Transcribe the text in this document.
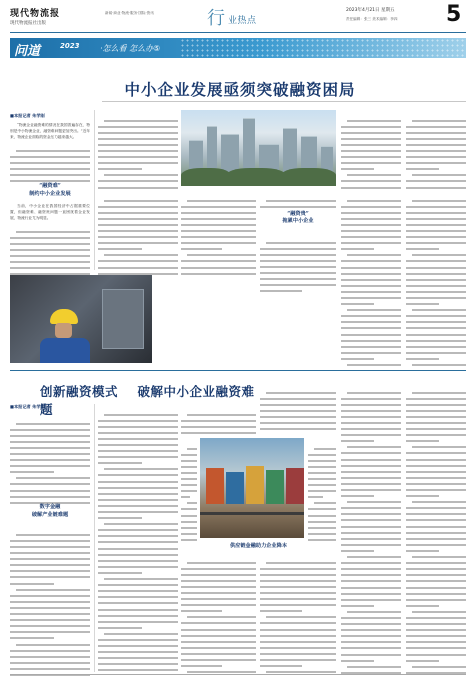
现代物流报
现代物流报社出版
新闻·商业·物流·服务·国际·资讯	行 业热点
2023年4月21日 星期五
责任编辑：张三 美术编辑：李四	5
问道	2023	·怎么看 怎么办⑤
中小企业发展亟须突破融资困局
■本报记者 朱学刚

“物流企业融资难的情况在我国普遍存在，特别是中小物流企业，融资难问题更加突出。”近年来，物流企业面临的资金压力越来越大。

“融资难”
制约中小企业发展

当前，中小企业在我国经济中占据重要位置，但融资难、融资贵问题一直困扰着企业发展，物流行业尤为明显。

“融资贵”
拖累中小企业
创新融资模式 破解中小企业融资难题
■本报记者 朱学刚
数字金融
破解产业链难题
供应链金融助力企业降本
